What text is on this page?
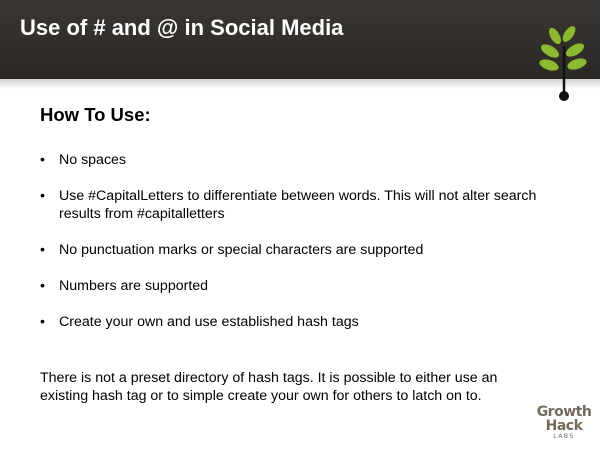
Use of # and @ in Social Media
How To Use:
• No spaces
• Use #CapitalLetters to differentiate between words. This will not alter search results from #capitalletters
• No punctuation marks or special characters are supported
• Numbers are supported
• Create your own and use established hash tags
There is not a preset directory of hash tags. It is possible to either use an existing hash tag or to simple create your own for others to latch on to.
Growth
Hack
LABS
